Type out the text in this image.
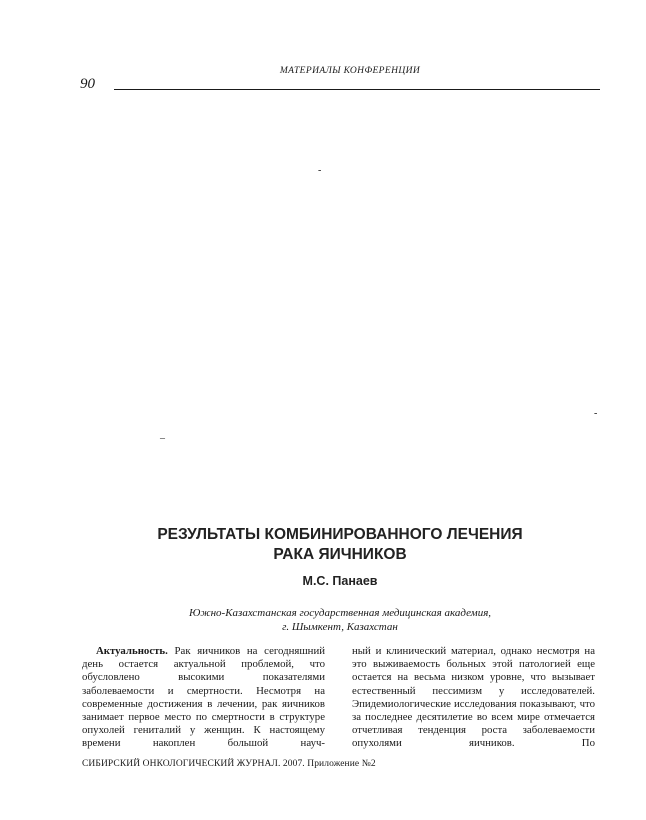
МАТЕРИАЛЫ КОНФЕРЕНЦИИ
90
-
-
–
РЕЗУЛЬТАТЫ КОМБИНИРОВАННОГО ЛЕЧЕНИЯ
РАКА ЯИЧНИКОВ
М.С. Панаев
Южно-Казахстанская государственная медицинская академия,
г. Шымкент, Казахстан
Актуальность. Рак яичников на сегодняшний день остается актуальной проблемой, что обусловлено высокими показателями заболеваемости и смертности. Несмотря на современные достижения в лечении, рак яичников занимает первое место по смертности в структуре опухолей гениталий у женщин. К настоящему времени накоплен большой науч-
ный и клинический материал, однако несмотря на это выживаемость больных этой патологией еще остается на весьма низком уровне, что вызывает естественный пессимизм у исследователей. Эпидемиологические исследования показывают, что за последнее десятилетие во всем мире отмечается отчетливая тенденция роста заболеваемости опухолями яичников. По
СИБИРСКИЙ ОНКОЛОГИЧЕСКИЙ ЖУРНАЛ. 2007. Приложение №2
